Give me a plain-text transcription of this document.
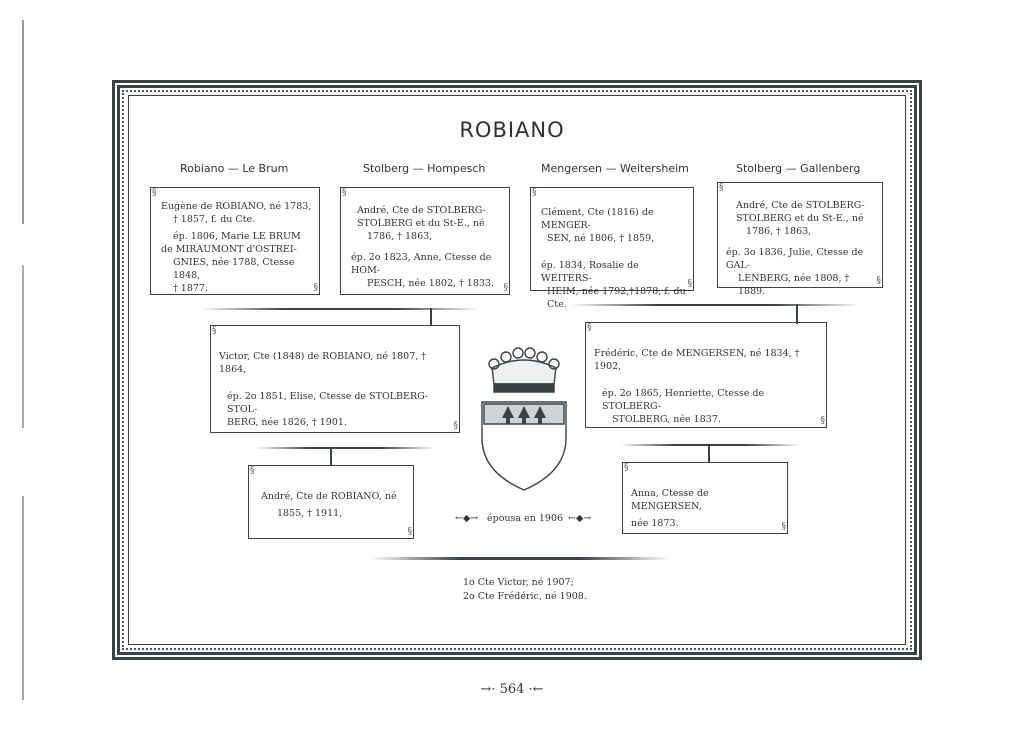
ROBIANO
Robiano — Le Brum	Stolberg — Hompesch	Mengersen — Weitersheim	Stolberg — Gallenberg

§ Eugène de ROBIANO, né 1783,

† 1857, f. du Cte.

ép. 1806, Marie LE BRUM

de MIRAUMONT d'OSTREI-

GNIES, née 1788, Ctesse 1848,

† 1877.

§

§ André, Cte de STOLBERG-

STOLBERG et du St-E., né

1786, † 1863,

ép. 2o 1823, Anne, Ctesse de HOM-

PESCH, née 1802, † 1833.

§

§ Clément, Cte (1816) de MENGER-

SEN, né 1806, † 1859,

ép. 1834, Rosalie de WEITERS-

HEIM, née 1792,†1878, f. du Cte.

§

§ André, Cte de STOLBERG-

STOLBERG et du St-E., né

1786, † 1863,

ép. 3o 1836, Julie, Ctesse de GAL-

LENBERG, née 1808, † 1889.

§

§ Victor, Cte (1848) de ROBIANO, né 1807, † 1864,

ép. 2o 1851, Elise, Ctesse de STOLBERG-STOL-

BERG, née 1826, † 1901.

§

§ Frédéric, Cte de MENGERSEN, né 1834, † 1902,

ép. 2o 1865, Henriette, Ctesse de STOLBERG-

STOLBERG, née 1837.

§

§ André, Cte de ROBIANO, né

1855, † 1911,

§

§ Anna, Ctesse de MENGERSEN,

née 1873.

§
←◆→ épousa en 1906 ←◆→
1o Cte Victor, né 1907;
2o Cte Frédéric, né 1908.
→· 564 ·←
